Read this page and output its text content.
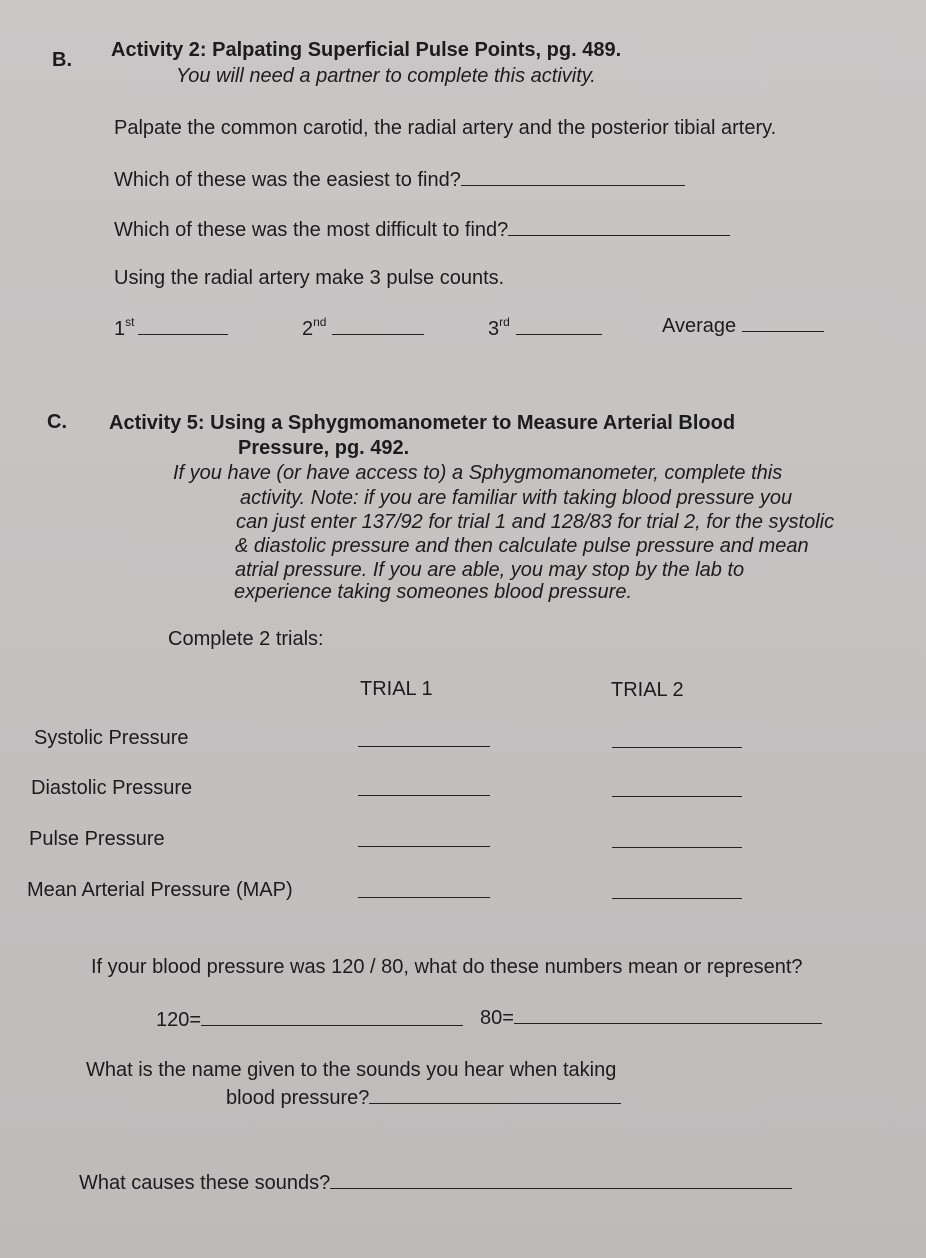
B. Activity 2: Palpating Superficial Pulse Points, pg. 489.
You will need a partner to complete this activity.
Palpate the common carotid, the radial artery and the posterior tibial artery.
Which of these was the easiest to find?
Which of these was the most difficult to find?
Using the radial artery make 3 pulse counts.
1st	2nd	3rd	Average
C. Activity 5: Using a Sphygmomanometer to Measure Arterial Blood
Pressure, pg. 492.
If you have (or have access to) a Sphygmomanometer, complete this
activity. Note: if you are familiar with taking blood pressure you
can just enter 137/92 for trial 1 and 128/83 for trial 2, for the systolic
& diastolic pressure and then calculate pulse pressure and mean
atrial pressure. If you are able, you may stop by the lab to
experience taking someones blood pressure.
Complete 2 trials:
TRIAL 1	TRIAL 2
Systolic Pressure
Diastolic Pressure
Pulse Pressure
Mean Arterial Pressure (MAP)
If your blood pressure was 120 / 80, what do these numbers mean or represent?
120=	80=
What is the name given to the sounds you hear when taking
blood pressure?
What causes these sounds?
